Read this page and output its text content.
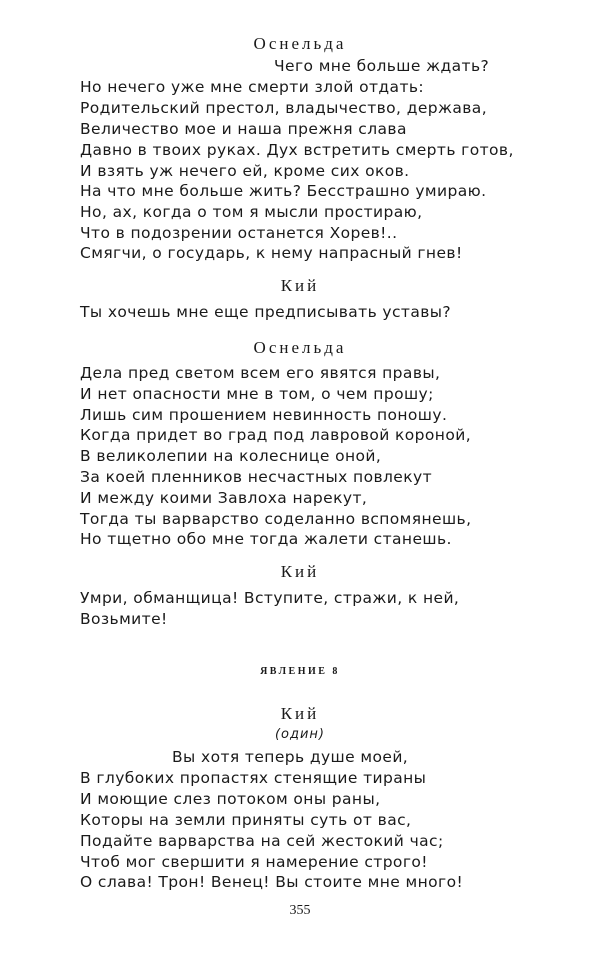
Оснельда
Чего мне больше ждать?
Но нечего уже мне смерти злой отдать:
Родительский престол, владычество, держава,
Величество мое и наша прежня слава
Давно в твоих руках. Дух встретить смерть готов,
И взять уж нечего ей, кроме сих оков.
На что мне больше жить? Бесстрашно умираю.
Но, ах, когда о том я мысли простираю,
Что в подозрении останется Хорев!..
Смягчи, о государь, к нему напрасный гнев!
Кий
Ты хочешь мне еще предписывать уставы?
Оснельда
Дела пред светом всем его явятся правы,
И нет опасности мне в том, о чем прошу;
Лишь сим прошением невинность поношу.
Когда придет во град под лавровой короной,
В великолепии на колеснице оной,
За коей пленников несчастных повлекут
И между коими Завлоха нарекут,
Тогда ты варварство соделанно вспомянешь,
Но тщетно обо мне тогда жалети станешь.
Кий
Умри, обманщица! Вступите, стражи, к ней,
Возьмите!
ЯВЛЕНИЕ 8
Кий
(один)
Вы хотя теперь душе моей,
В глубоких пропастях стенящие тираны
И моющие слез потоком оны раны,
Которы на земли приняты суть от вас,
Подайте варварства на сей жестокий час;
Чтоб мог свершити я намерение строго!
О слава! Трон! Венец! Вы стоите мне много!
355
